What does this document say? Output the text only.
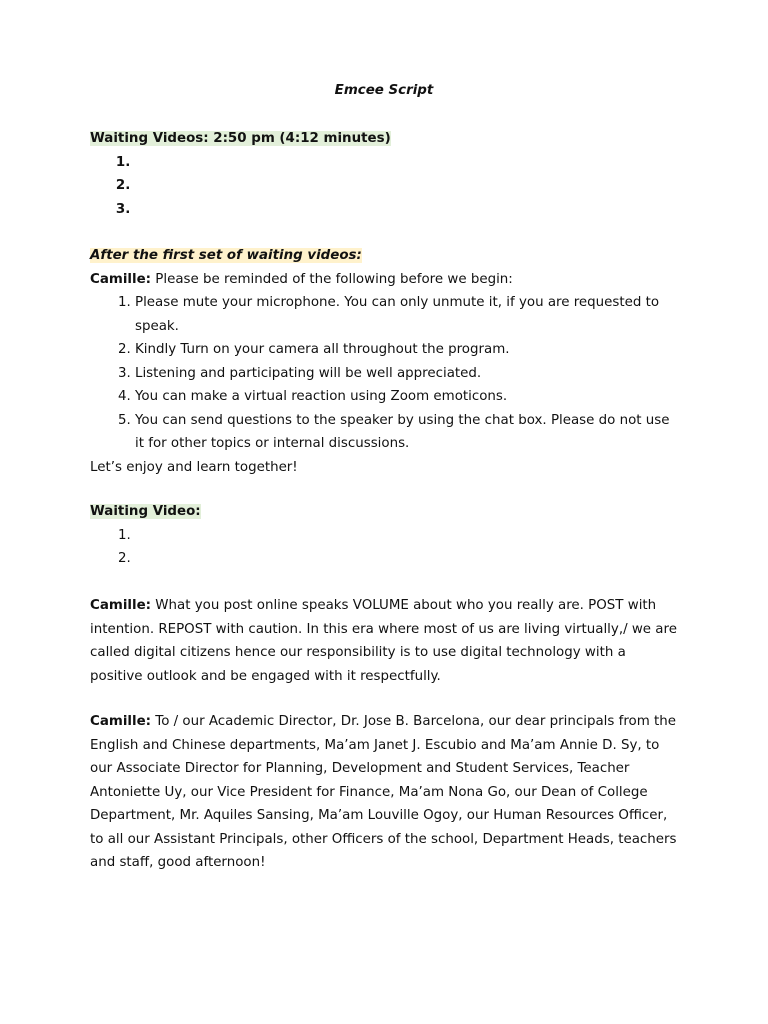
Emcee Script

Waiting Videos: 2:50 pm (4:12 minutes)

1.
2.
3.

After the first set of waiting videos:

Camille: Please be reminded of the following before we begin:

1. Please mute your microphone. You can only unmute it, if you are requested to speak.
2. Kindly Turn on your camera all throughout the program.
3. Listening and participating will be well appreciated.
4. You can make a virtual reaction using Zoom emoticons.
5. You can send questions to the speaker by using the chat box. Please do not use it for other topics or internal discussions.

Let’s enjoy and learn together!

Waiting Video:

1.
2.

Camille: What you post online speaks VOLUME about who you really are. POST with intention. REPOST with caution. In this era where most of us are living virtually,/ we are called digital citizens hence our responsibility is to use digital technology with a positive outlook and be engaged with it respectfully.

Camille: To / our Academic Director, Dr. Jose B. Barcelona, our dear principals from the English and Chinese departments, Ma’am Janet J. Escubio and Ma’am Annie D. Sy, to our Associate Director for Planning, Development and Student Services, Teacher Antoniette Uy, our Vice President for Finance, Ma’am Nona Go, our Dean of College Department, Mr. Aquiles Sansing, Ma’am Louville Ogoy, our Human Resources Officer, to all our Assistant Principals, other Officers of the school, Department Heads, teachers and staff, good afternoon!
